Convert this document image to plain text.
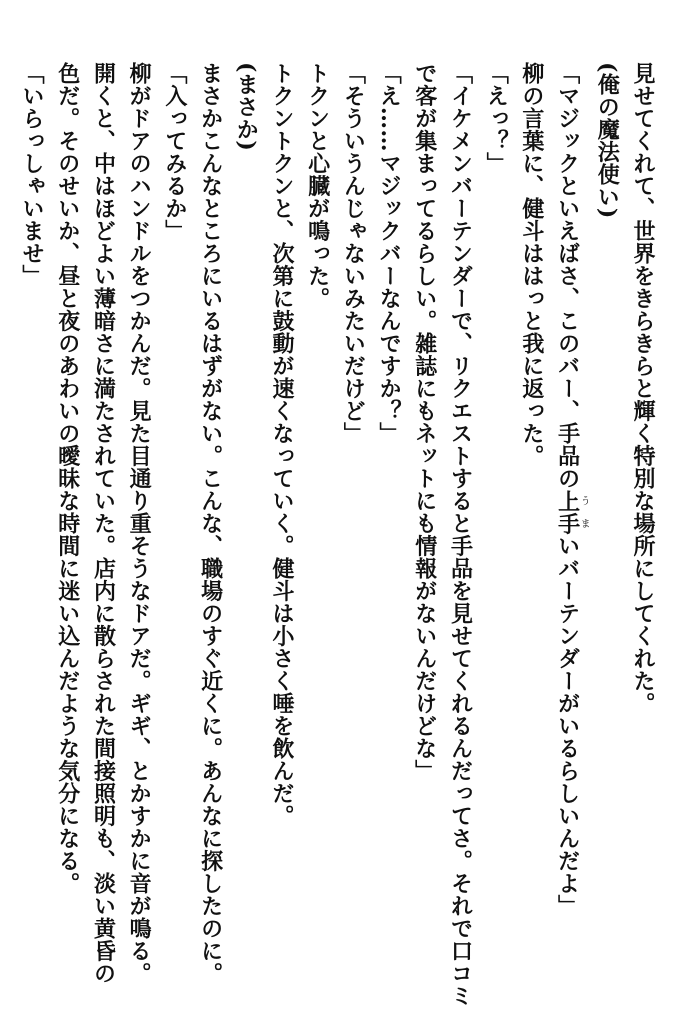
見せてくれて、世界をきらきらと輝く特別な場所にしてくれた。

(俺の魔法使い)

「マジックといえばさ、このバー、手品の上手うまいバーテンダーがいるらしいんだよ」

柳の言葉に、健斗ははっと我に返った。

「えっ？」

「イケメンバーテンダーで、リクエストすると手品を見せてくれるんだってさ。それで口コミ

で客が集まってるらしい。雑誌にもネットにも情報がないんだけどな」

「え……マジックバーなんですか？」

「そういうんじゃないみたいだけど」

トクンと心臓が鳴った。

トクントクンと、次第に鼓動が速くなっていく。健斗は小さく唾を飲んだ。

(まさか)

まさかこんなところにいるはずがない。こんな、職場のすぐ近くに。あんなに探したのに。

「入ってみるか」

柳がドアのハンドルをつかんだ。見た目通り重そうなドアだ。ギギ、とかすかに音が鳴る。

開くと、中はほどよい薄暗さに満たされていた。店内に散らされた間接照明も、淡い黄昏の

色だ。そのせいか、昼と夜のあわいの曖昧な時間に迷い込んだような気分になる。

「いらっしゃいませ」
